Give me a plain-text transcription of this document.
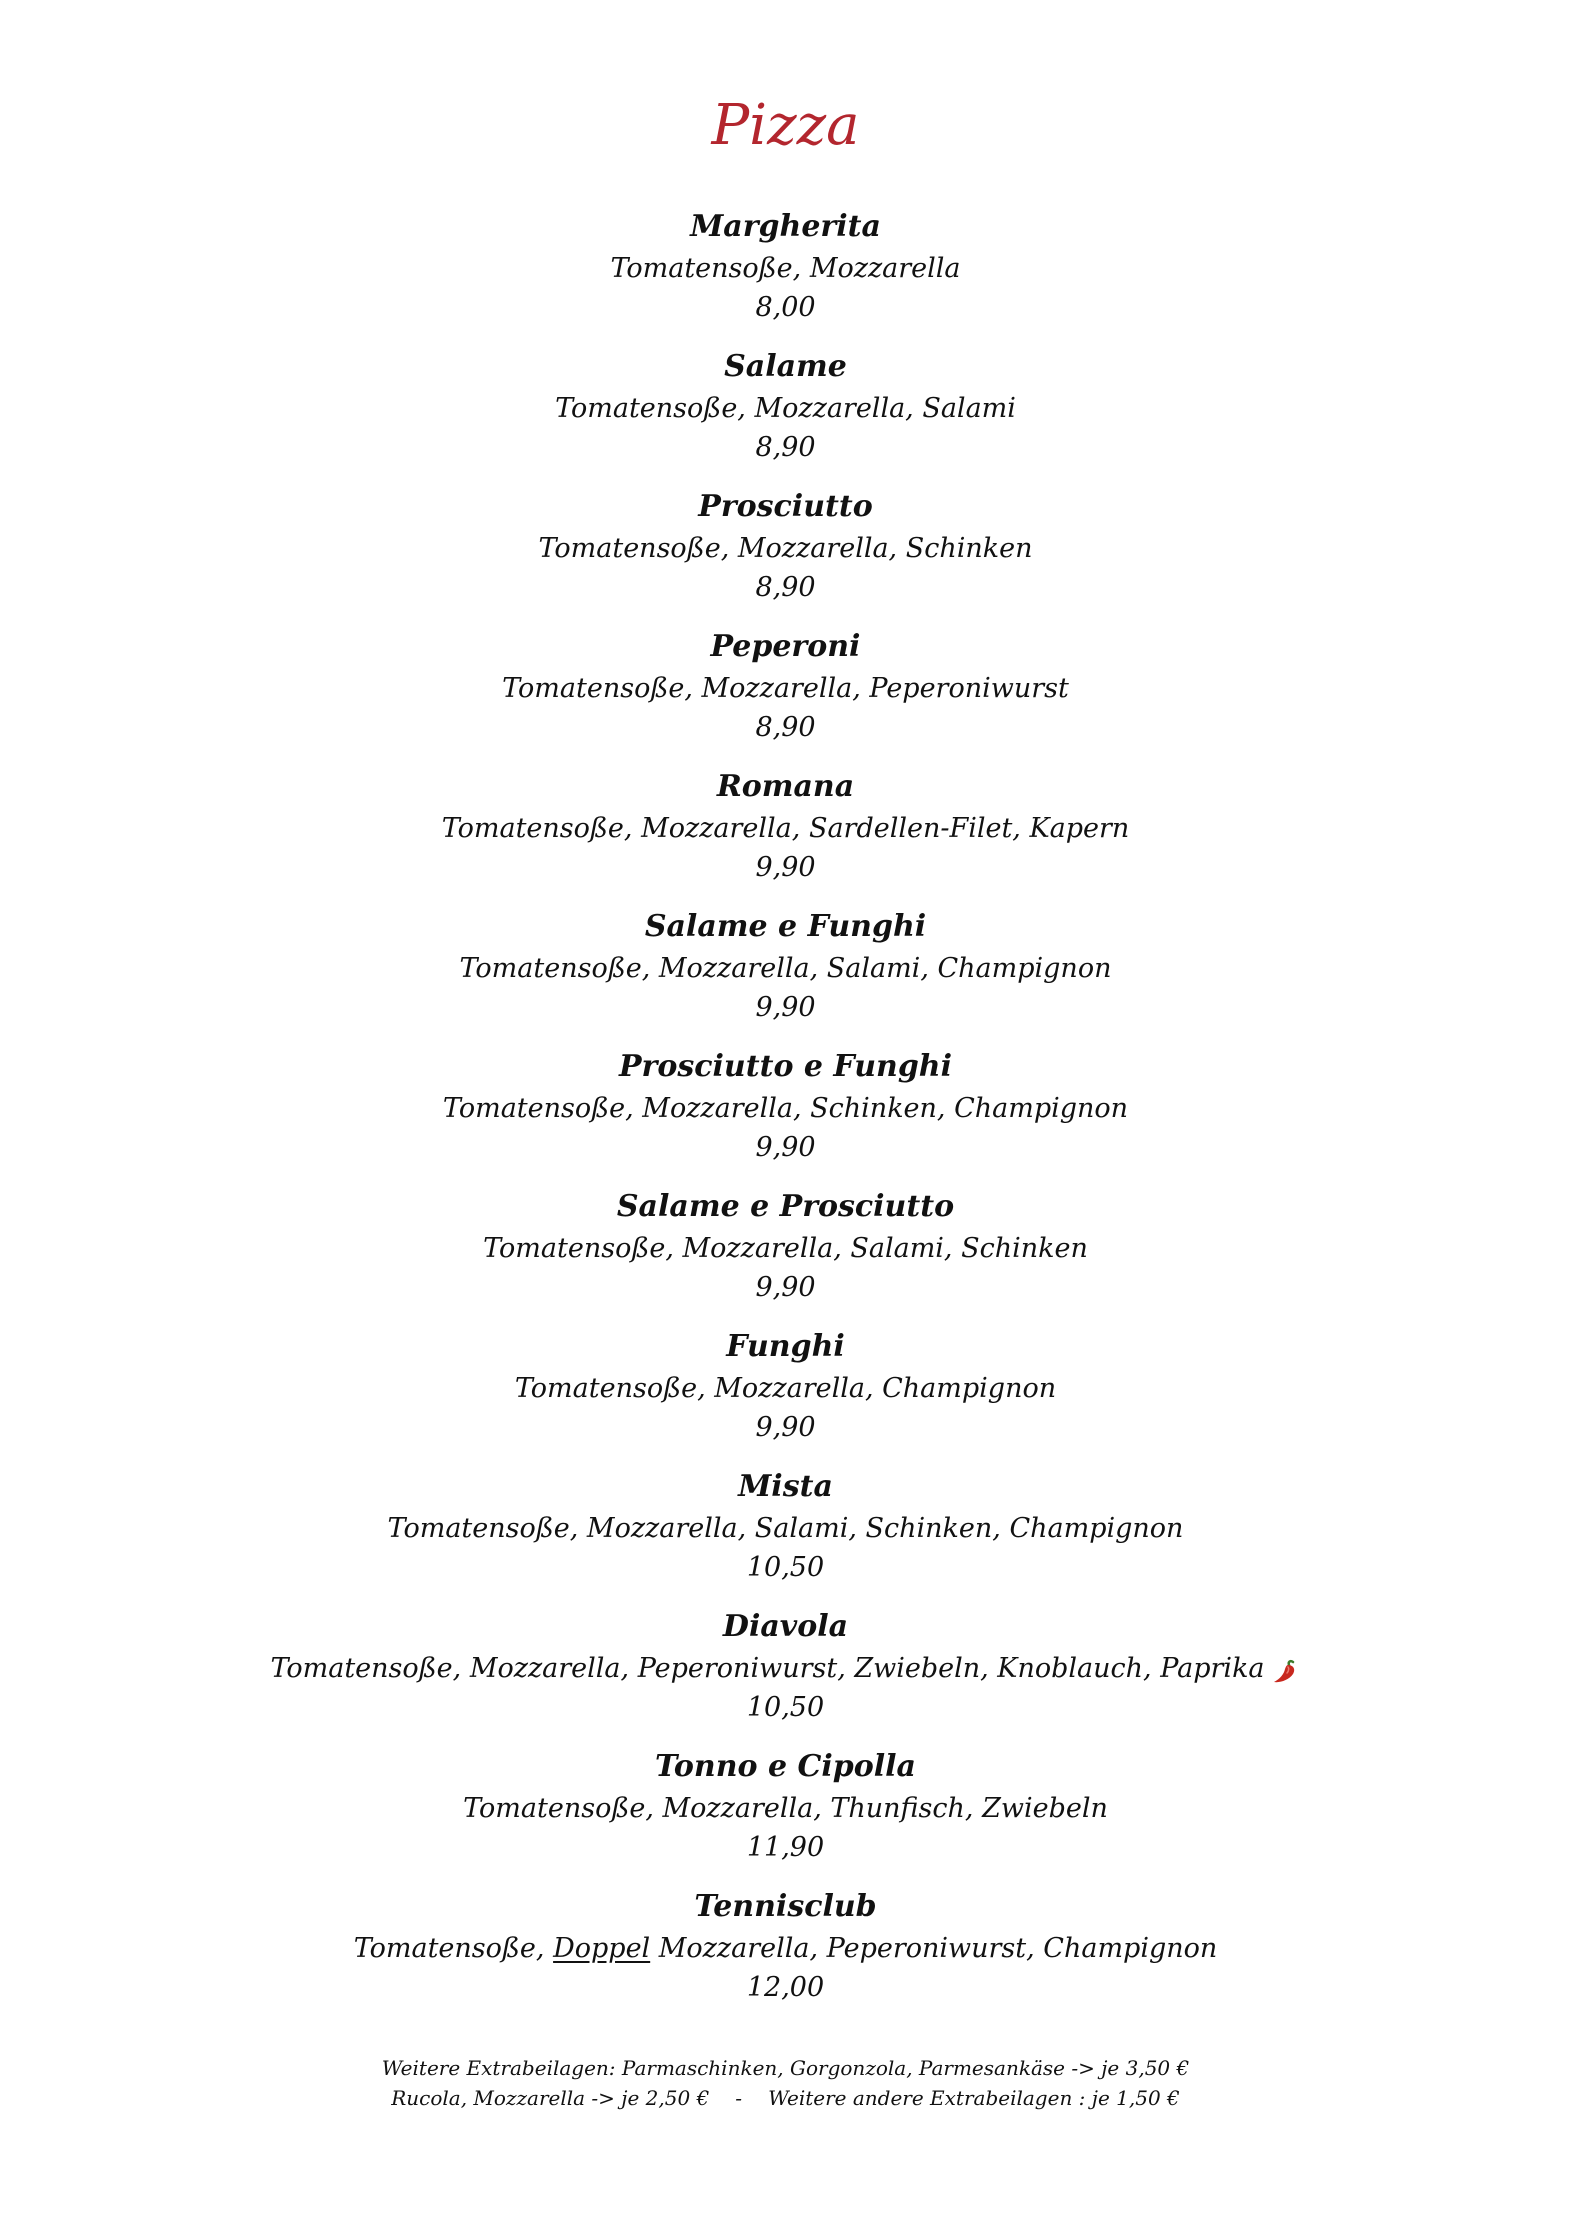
Pizza
Margherita
Tomatensoße, Mozzarella
8,00
Salame
Tomatensoße, Mozzarella, Salami
8,90
Prosciutto
Tomatensoße, Mozzarella, Schinken
8,90
Peperoni
Tomatensoße, Mozzarella, Peperoniwurst
8,90
Romana
Tomatensoße, Mozzarella, Sardellen-Filet, Kapern
9,90
Salame e Funghi
Tomatensoße, Mozzarella, Salami, Champignon
9,90
Prosciutto e Funghi
Tomatensoße, Mozzarella, Schinken, Champignon
9,90
Salame e Prosciutto
Tomatensoße, Mozzarella, Salami, Schinken
9,90
Funghi
Tomatensoße, Mozzarella, Champignon
9,90
Mista
Tomatensoße, Mozzarella, Salami, Schinken, Champignon
10,50
Diavola
Tomatensoße, Mozzarella, Peperoniwurst, Zwiebeln, Knoblauch, Paprika
10,50
Tonno e Cipolla
Tomatensoße, Mozzarella, Thunfisch, Zwiebeln
11,90
Tennisclub
Tomatensoße, Doppel Mozzarella, Peperoniwurst, Champignon
12,00
Weitere Extrabeilagen: Parmaschinken, Gorgonzola, Parmesankäse -> je 3,50 €
Rucola, Mozzarella -> je 2,50 € - Weitere andere Extrabeilagen : je 1,50 €
